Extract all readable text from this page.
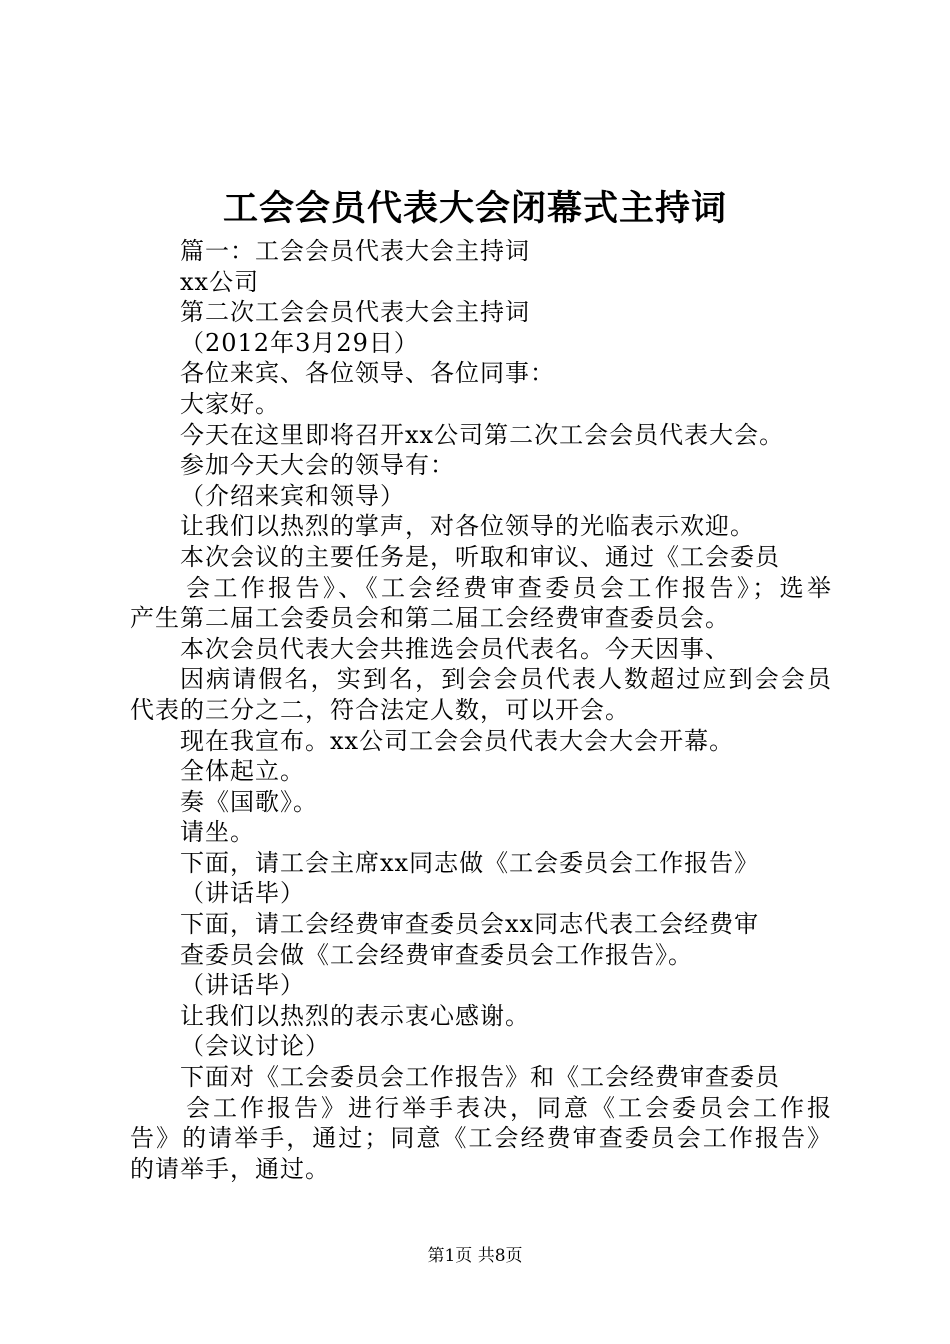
工会会员代表大会闭幕式主持词
篇一：工会会员代表大会主持词
xx公司
第二次工会会员代表大会主持词
（2012年3月29日）
各位来宾、各位领导、各位同事：
大家好。
今天在这里即将召开xx公司第二次工会会员代表大会。
参加今天大会的领导有：
（介绍来宾和领导）
让我们以热烈的掌声，对各位领导的光临表示欢迎。
本次会议的主要任务是，听取和审议、通过《工会委员
会工作报告》、《工会经费审查委员会工作报告》；选举
产生第二届工会委员会和第二届工会经费审查委员会。
本次会员代表大会共推选会员代表名。今天因事、
因病请假名，实到名，到会会员代表人数超过应到会会员
代表的三分之二，符合法定人数，可以开会。
现在我宣布。xx公司工会会员代表大会大会开幕。
全体起立。
奏《国歌》。
请坐。
下面，请工会主席xx同志做《工会委员会工作报告》
（讲话毕）
下面，请工会经费审查委员会xx同志代表工会经费审
查委员会做《工会经费审查委员会工作报告》。
（讲话毕）
让我们以热烈的表示衷心感谢。
（会议讨论）
下面对《工会委员会工作报告》和《工会经费审查委员
会工作报告》进行举手表决，同意《工会委员会工作报
告》的请举手，通过；同意《工会经费审查委员会工作报告》
的请举手，通过。
第1页 共8页
